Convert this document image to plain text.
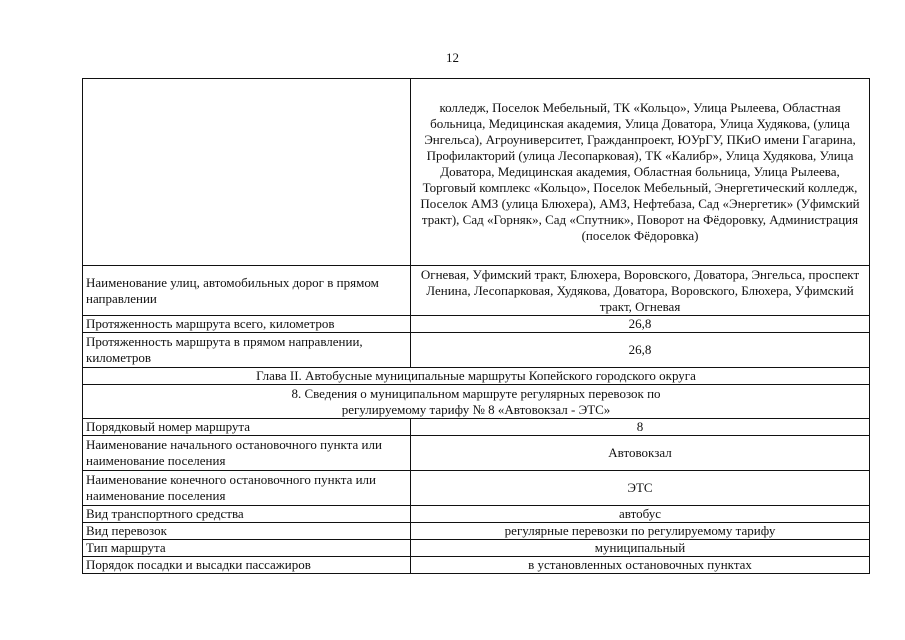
12
	колледж, Поселок Мебельный, ТК «Кольцо», Улица Рылеева, Областная больница, Медицинская академия, Улица Доватора, Улица Худякова, (улица Энгельса), Агроуниверситет, Гражданпроект, ЮУрГУ, ПКиО имени Гагарина, Профилакторий (улица Лесопарковая), ТК «Калибр», Улица Худякова, Улица Доватора, Медицинская академия, Областная больница, Улица Рылеева, Торговый комплекс «Кольцо», Поселок Мебельный, Энергетический колледж, Поселок АМЗ (улица Блюхера), АМЗ, Нефтебаза, Сад «Энергетик» (Уфимский тракт), Сад «Горняк», Сад «Спутник», Поворот на Фёдоровку, Администрация (поселок Фёдоровка)
Наименование улиц, автомобильных дорог в прямом направлении	Огневая, Уфимский тракт, Блюхера, Воровского, Доватора, Энгельса, проспект Ленина, Лесопарковая, Худякова, Доватора, Воровского, Блюхера, Уфимский тракт, Огневая
Протяженность маршрута всего, километров	26,8
Протяженность маршрута в прямом направлении, километров	26,8
Глава II. Автобусные муниципальные маршруты Копейского городского округа	
8. Сведения о муниципальном маршруте регулярных перевозок по регулируемому тарифу № 8 «Автовокзал - ЭТС»	
Порядковый номер маршрута	8
Наименование начального остановочного пункта или наименование поселения	Автовокзал
Наименование конечного остановочного пункта или наименование поселения	ЭТС
Вид транспортного средства	автобус
Вид перевозок	регулярные перевозки по регулируемому тарифу
Тип маршрута	муниципальный
Порядок посадки и высадки пассажиров	в установленных остановочных пунктах
